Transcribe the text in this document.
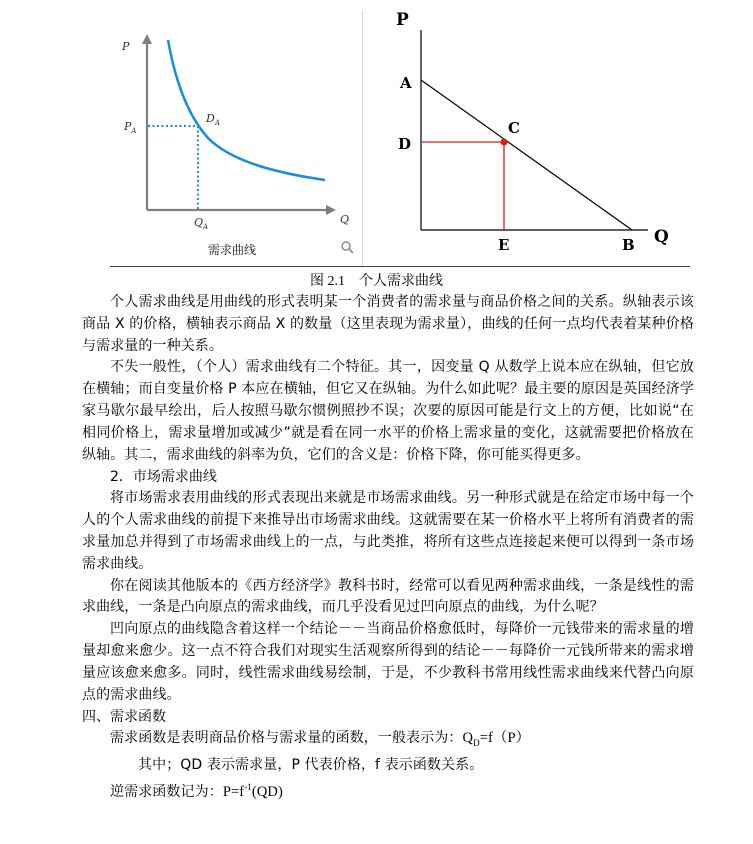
P
Q
$P_A$
$D_A$
$Q_A$
需求曲线
P
A
D
C
E	B Q
图 2.1 个人需求曲线

个人需求曲线是用曲线的形式表明某一个消费者的需求量与商品价格之间的关系。纵轴表示该商品 X 的价格，横轴表示商品 X 的数量（这里表现为需求量），曲线的任何一点均代表着某种价格与需求量的一种关系。

不失一般性，（个人）需求曲线有二个特征。其一，因变量 Q 从数学上说本应在纵轴，但它放在横轴；而自变量价格 P 本应在横轴，但它又在纵轴。为什么如此呢？最主要的原因是英国经济学家马歇尔最早绘出，后人按照马歇尔惯例照抄不误；次要的原因可能是行文上的方便，比如说“在相同价格上，需求量增加或减少”就是看在同一水平的价格上需求量的变化，这就需要把价格放在纵轴。其二，需求曲线的斜率为负，它们的含义是：价格下降，你可能买得更多。

2．市场需求曲线

将市场需求表用曲线的形式表现出来就是市场需求曲线。另一种形式就是在给定市场中每一个人的个人需求曲线的前提下来推导出市场需求曲线。这就需要在某一价格水平上将所有消费者的需求量加总并得到了市场需求曲线上的一点，与此类推，将所有这些点连接起来便可以得到一条市场需求曲线。

你在阅读其他版本的《西方经济学》教科书时，经常可以看见两种需求曲线，一条是线性的需求曲线，一条是凸向原点的需求曲线，而几乎没看见过凹向原点的曲线，为什么呢？

凹向原点的曲线隐含着这样一个结论－－当商品价格愈低时，每降价一元钱带来的需求量的增量却愈来愈少。这一点不符合我们对现实生活观察所得到的结论－－每降价一元钱所带来的需求增量应该愈来愈多。同时，线性需求曲线易绘制，于是，不少教科书常用线性需求曲线来代替凸向原点的需求曲线。

四、需求函数

需求函数是表明商品价格与需求量的函数，一般表示为：$Q_D=f(P)$

其中；QD 表示需求量，P 代表价格，f 表示函数关系。

逆需求函数记为：$P=f^{-1}(QD)$
